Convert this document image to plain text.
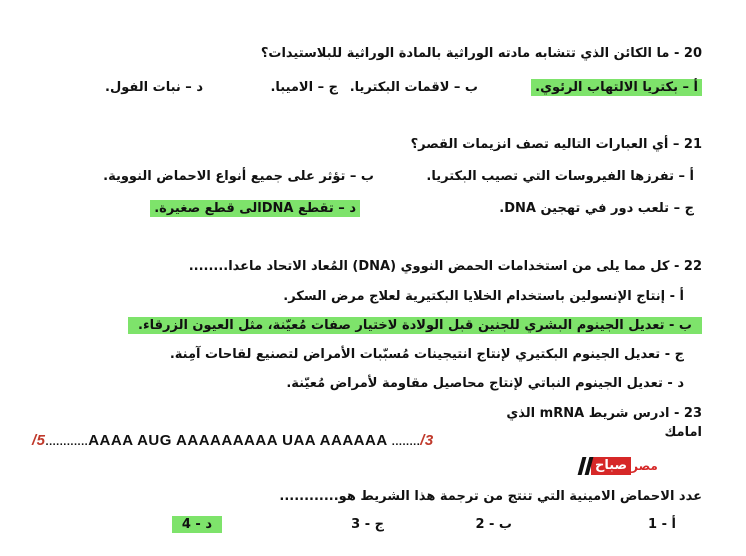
20 - ما الكائن الذي تتشابه مادته الوراثية بالمادة الوراثية للبلاستيدات؟
أ – بكتريا الالتهاب الرئوي.
ب – لاقمات البكتريا.
ج – الاميبا.
د – نبات الفول.
21 – أي العبارات التاليه تصف انزيمات القصر؟
أ – تفرزها الفيروسات التي تصيب البكتريا.
ب – تؤثر على جميع أنواع الاحماض النووية.
ج – تلعب دور في تهجين DNA.
د – تقطع DNAالى قطع صغيرة.
22 - كل مما يلى من استخدامات الحمض النووي (DNA) المُعاد الاتحاد ماعدا........
أ - إنتاج الإنسولين باستخدام الخلايا البكتيرية لعلاج مرض السكر.
ب - تعديل الجينوم البشري للجنين قبل الولادة لاختيار صفات مُعيّنة، مثل العيون الزرقاء.
ج - تعديل الجينوم البكتيري لإنتاج انتيجينات مُسبّبات الأمراض لتصنيع لقاحات آمِنة.
د - تعديل الجينوم النباتي لإنتاج محاصيل مقاومة لأمراض مُعيّنة.
23 - ادرس شريط mRNA الذي
امامك
/5............AAAA AUG AAAAAAAAA UAA AAAAAA ......../3
صباح مصر
عدد الاحماض الامينية التي تنتج من ترجمة هذا الشريط هو............
أ - 1
ب - 2
ج - 3
د - 4
